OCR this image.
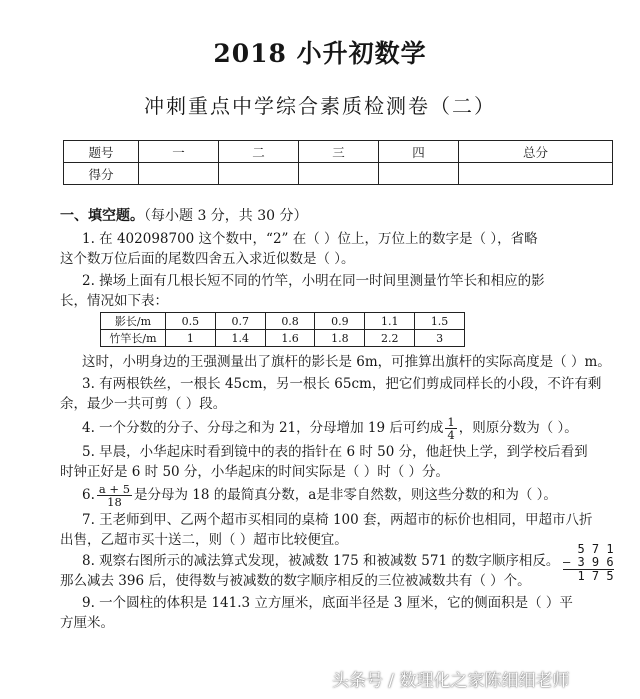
2018 小升初数学
冲刺重点中学综合素质检测卷（二）
题号	一	二	三	四	总分
得分					
一、填空题。（每小题 3 分，共 30 分）
1. 在 402098700 这个数中，“2” 在（ ）位上，万位上的数字是（ ），省略
这个数万位后面的尾数四舍五入求近似数是（ ）。
2. 操场上面有几根长短不同的竹竿，小明在同一时间里测量竹竿长和相应的影
长，情况如下表：
影长/m	0.5	0.7	0.8	0.9	1.1	1.5
竹竿长/m	1	1.4	1.6	1.8	2.2	3
这时，小明身边的王强测量出了旗杆的影长是 6m，可推算出旗杆的实际高度是（ ）m。
3. 有两根铁丝，一根长 45cm，另一根长 65cm，把它们剪成同样长的小段，不许有剩
余，最少一共可剪（ ）段。
4. 一个分数的分子、分母之和为 21，分母增加 19 后可约成 $\frac{1}{4}$ ，则原分数为（ ）。
5. 早晨，小华起床时看到镜中的表的指针在 6 时 50 分，他赶快上学，到学校后看到
时钟正好是 6 时 50 分，小华起床的时间实际是（ ）时（ ）分。
6. $\frac{a + 5}{18}$ 是分母为 18 的最简真分数，a是非零自然数，则这些分数的和为（ ）。
7. 王老师到甲、乙两个超市买相同的桌椅 100 套，两超市的标价也相同，甲超市八折
出售，乙超市买十送二，则（ ）超市比较便宜。
8. 观察右图所示的减法算式发现，被减数 175 和被减数 571 的数字顺序相反。
那么减去 396 后，使得数与被减数的数字顺序相反的三位被减数共有（ ）个。
5 7 1
– 3 9 6
1 7 5
9. 一个圆柱的体积是 141.3 立方厘米，底面半径是 3 厘米，它的侧面积是（ ）平
方厘米。
头条号 / 数理化之家陈细细老师
